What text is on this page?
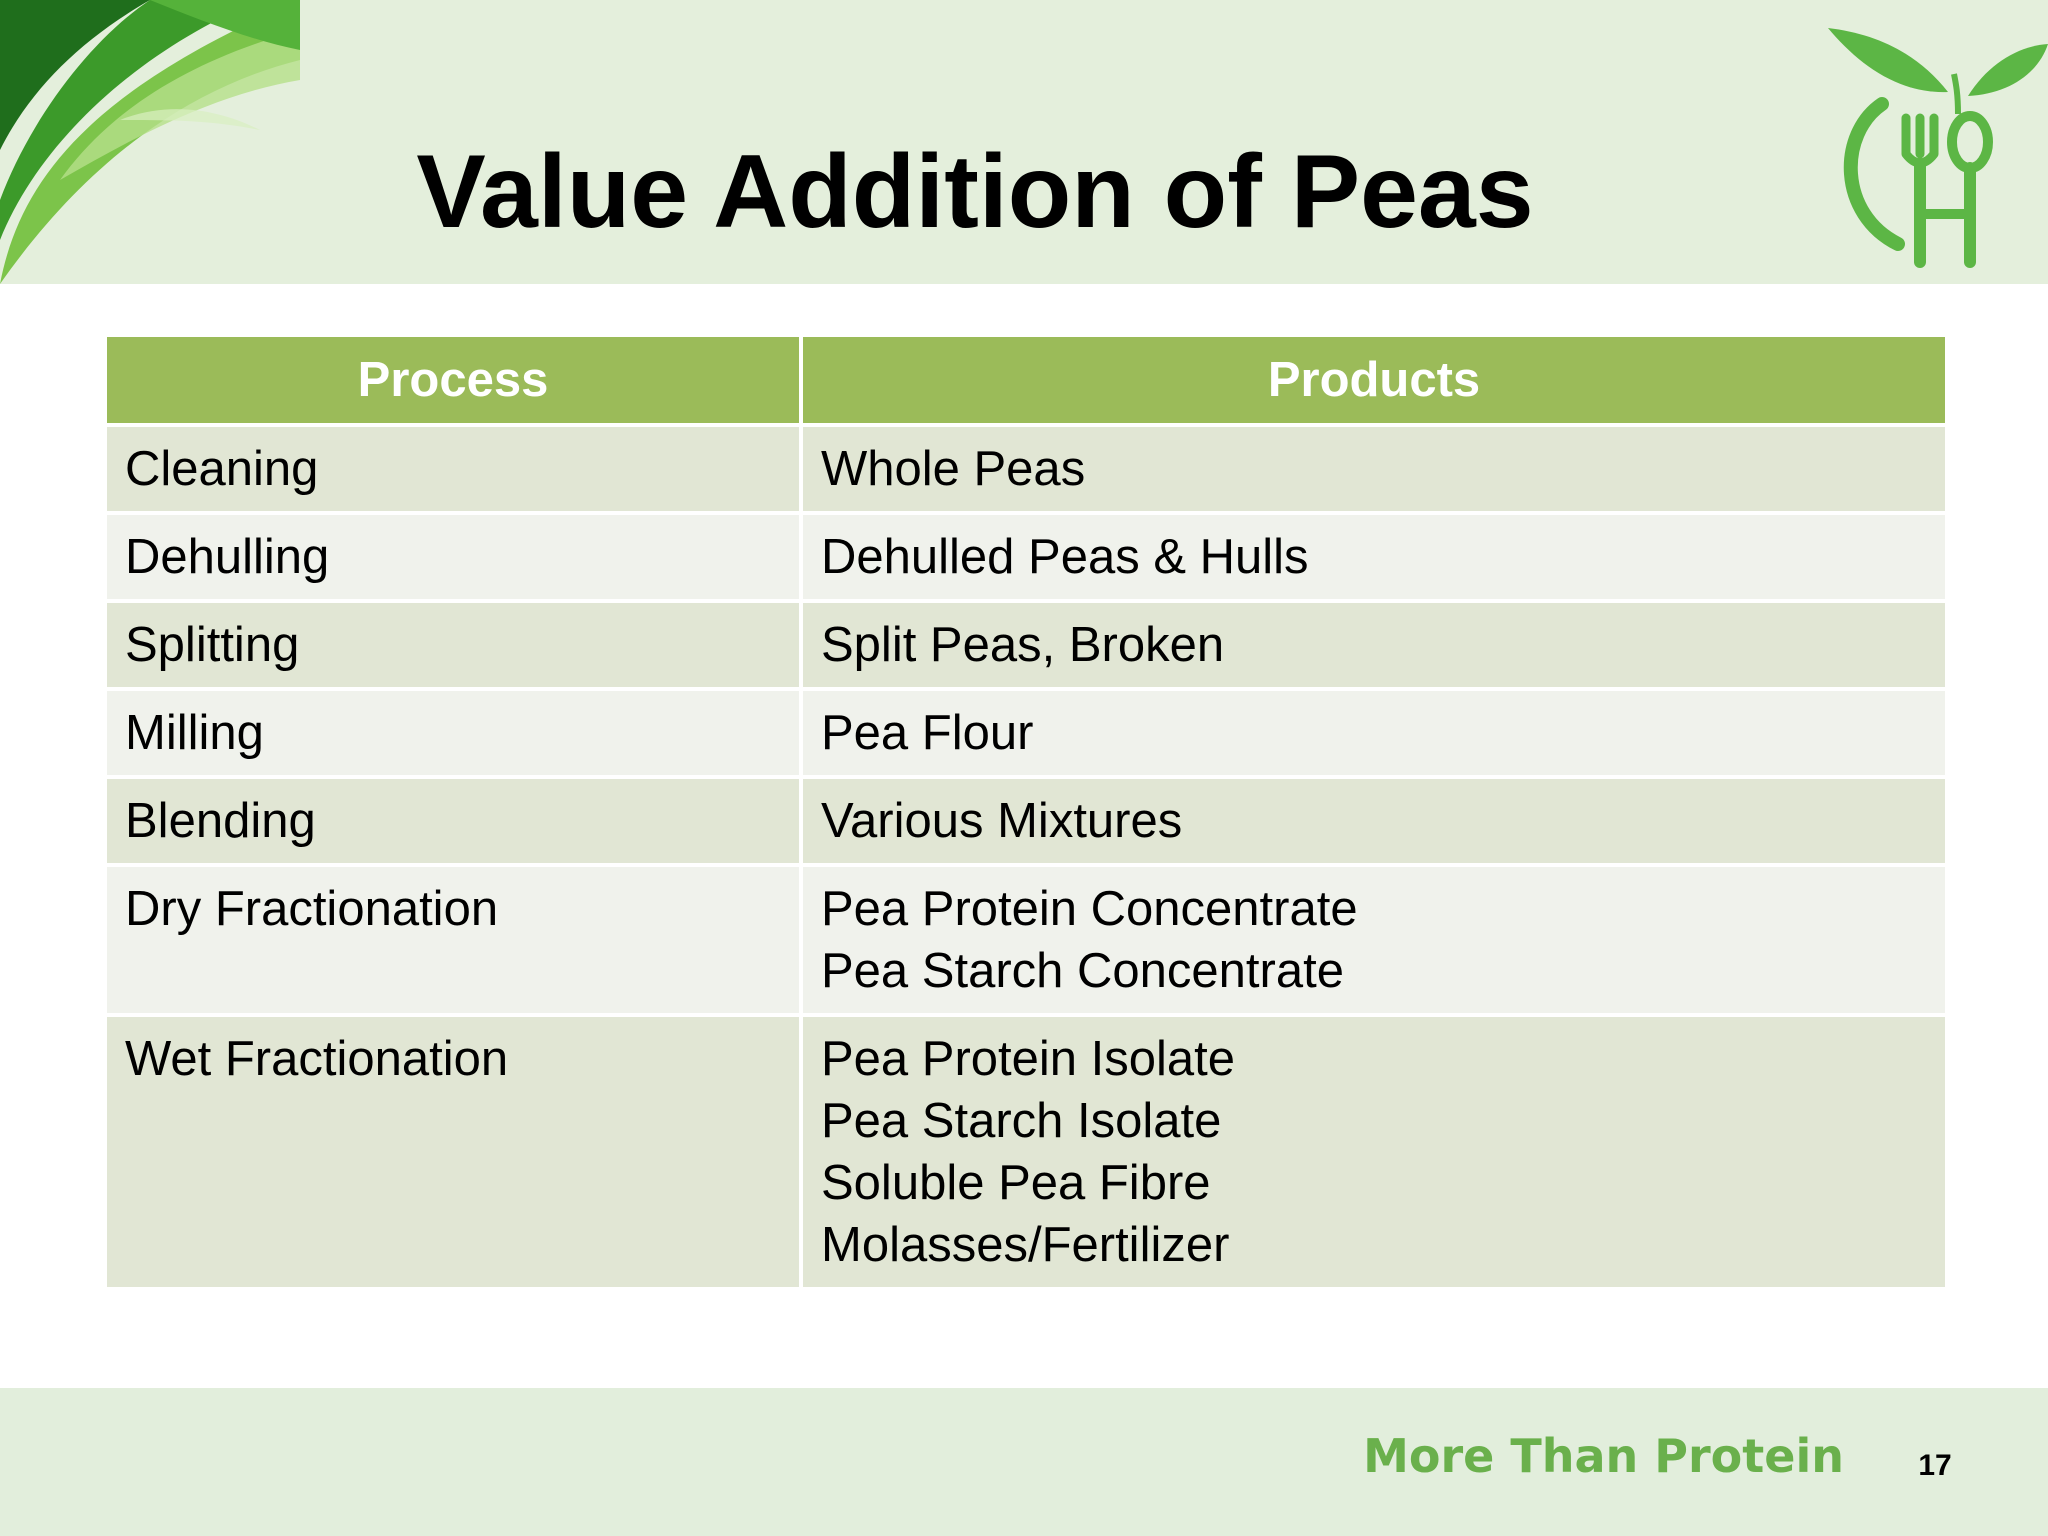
Value Addition of Peas
Process	Products
Cleaning	Whole Peas

Dehulling	Dehulled Peas & Hulls

Splitting	Split Peas, Broken

Milling	Pea Flour

Blending	Various Mixtures

Dry Fractionation	Pea Protein Concentrate
Pea Starch Concentrate

Wet Fractionation	Pea Protein Isolate
Pea Starch Isolate
Soluble Pea Fibre
Molasses/Fertilizer
More Than Protein	17
